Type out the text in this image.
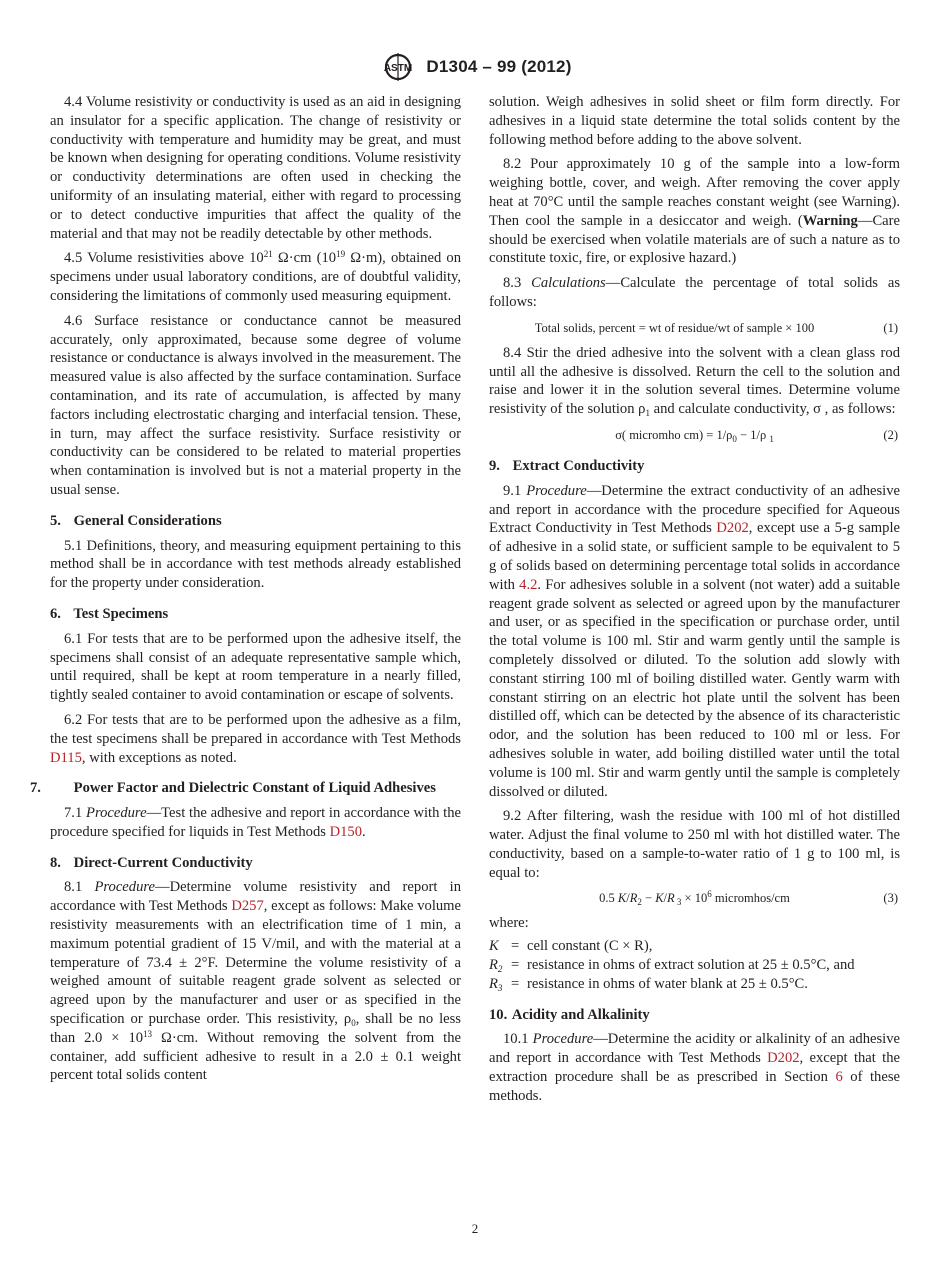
ASTM D1304 – 99 (2012)

4.4 Volume resistivity or conductivity is used as an aid in designing an insulator for a specific application. The change of resistivity or conductivity with temperature and humidity may be great, and must be known when designing for operating conditions. Volume resistivity or conductivity determinations are often used in checking the uniformity of an insulating material, either with regard to processing or to detect conductive impurities that affect the quality of the material and that may not be readily detectable by other methods.

4.5 Volume resistivities above $10^{21}$ Ω·cm ($10^{19}$ Ω·m), obtained on specimens under usual laboratory conditions, are of doubtful validity, considering the limitations of commonly used measuring equipment.

4.6 Surface resistance or conductance cannot be measured accurately, only approximated, because some degree of volume resistance or conductance is always involved in the measurement. The measured value is also affected by the surface contamination. Surface contamination, and its rate of accumulation, is affected by many factors including electrostatic charging and interfacial tension. These, in turn, may affect the surface resistivity. Surface resistivity or conductivity can be considered to be related to material properties when contamination is involved but is not a material property in the usual sense.

5. General Considerations

5.1 Definitions, theory, and measuring equipment pertaining to this method shall be in accordance with test methods already established for the property under consideration.

6. Test Specimens

6.1 For tests that are to be performed upon the adhesive itself, the specimens shall consist of an adequate representative sample which, until required, shall be kept at room temperature in a nearly filled, tightly sealed container to avoid contamination or escape of solvents.

6.2 For tests that are to be performed upon the adhesive as a film, the test specimens shall be prepared in accordance with Test Methods D115, with exceptions as noted.

7. Power Factor and Dielectric Constant of Liquid Adhesives

7.1 Procedure—Test the adhesive and report in accordance with the procedure specified for liquids in Test Methods D150.

8. Direct-Current Conductivity

8.1 Procedure—Determine volume resistivity and report in accordance with Test Methods D257, except as follows: Make volume resistivity measurements with an electrification time of 1 min, a maximum potential gradient of 15 V/mil, and with the material at a temperature of 73.4 ± 2°F. Determine the volume resistivity of a weighed amount of suitable reagent grade solvent as selected or agreed upon by the manufacturer and user or as specified in the specification or purchase order. This resistivity, $\rho_0$, shall be no less than $2.0 \times 10^{13}$ Ω·cm. Without removing the solvent from the container, add sufficient adhesive to result in a 2.0 ± 0.1 weight percent total solids content

solution. Weigh adhesives in solid sheet or film form directly. For adhesives in a liquid state determine the total solids content by the following method before adding to the above solvent.

8.2 Pour approximately 10 g of the sample into a low-form weighing bottle, cover, and weigh. After removing the cover apply heat at 70°C until the sample reaches constant weight (see Warning). Then cool the sample in a desiccator and weigh. (Warning—Care should be exercised when volatile materials are of such a nature as to constitute toxic, fire, or explosive hazard.)

8.3 Calculations—Calculate the percentage of total solids as follows:

Total solids, percent = wt of residue/wt of sample × 100	(1)

8.4 Stir the dried adhesive into the solvent with a clean glass rod until all the adhesive is dissolved. Return the cell to the solution and raise and lower it in the solution several times. Determine volume resistivity of the solution $\rho_1$ and calculate conductivity, σ , as follows:

σ( micromho $cm) = 1/\rho_0 - 1/\rho$ $_1$	(2)
9. Extract Conductivity

9.1 Procedure—Determine the extract conductivity of an adhesive and report in accordance with the procedure specified for Aqueous Extract Conductivity in Test Methods D202, except use a 5-g sample of adhesive in a solid state, or sufficient sample to be equivalent to 5 g of solids based on determining percentage total solids in accordance with 4.2. For adhesives soluble in a solvent (not water) add a suitable reagent grade solvent as selected or agreed upon by the manufacturer and user, or as specified in the specification or purchase order, until the total volume is 100 ml. Stir and warm gently until the sample is completely dissolved or diluted. To the solution add slowly with constant stirring 100 ml of boiling distilled water. Gently warm with constant stirring on an electric hot plate until the solvent has been distilled off, which can be detected by the absence of its characteristic odor, and the solution has been reduced to 100 ml or less. For adhesives soluble in water, add boiling distilled water until the total volume is 100 ml. Stir and warm gently until the sample is completely dissolved or diluted.

9.2 After filtering, wash the residue with 100 ml of hot distilled water. Adjust the final volume to 250 ml with hot distilled water. The conductivity, based on a sample-to-water ratio of 1 g to 100 ml, is equal to:

0.5 $K/R_2 - K/R$ $_3 \times 10^6$ micromhos/cm	(3)
where:
K = cell constant (C × R),
$R_2$ = resistance in ohms of extract solution at 25 ± 0.5°C, and
$R_3$ = resistance in ohms of water blank at 25 ± 0.5°C.
10. Acidity and Alkalinity

10.1 Procedure—Determine the acidity or alkalinity of an adhesive and report in accordance with Test Methods D202, except that the extraction procedure shall be as prescribed in Section 6 of these methods.

2
